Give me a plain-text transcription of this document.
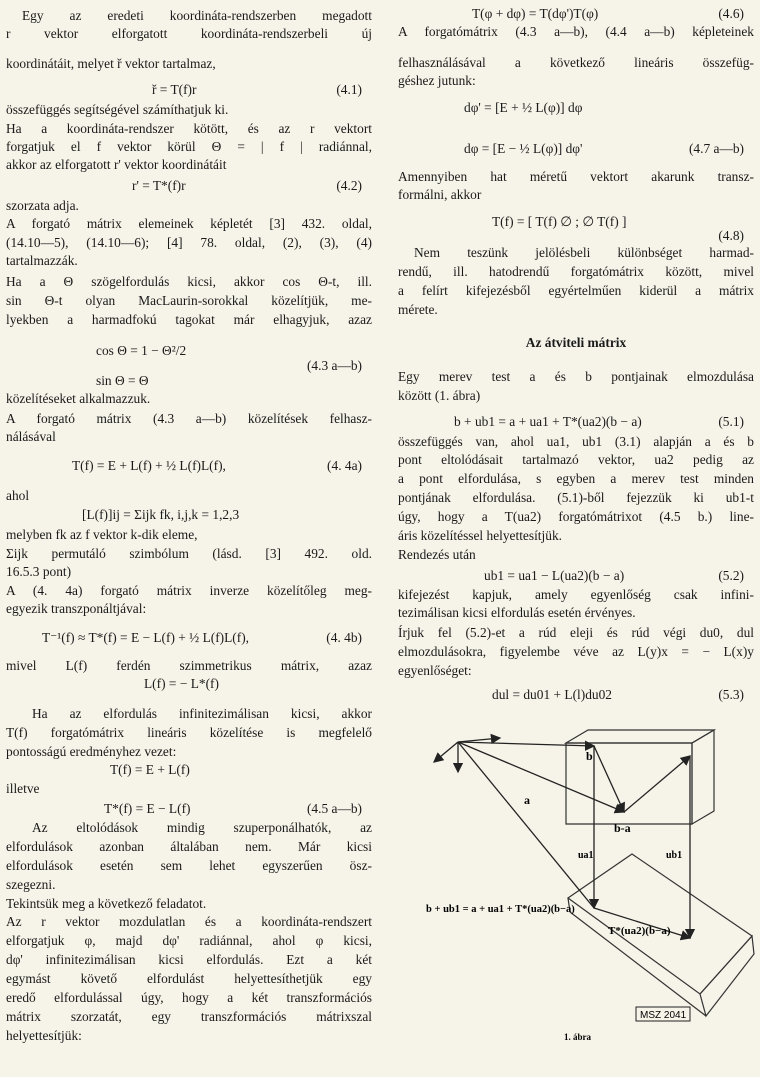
Egy az eredeti koordináta-rendszerben megadott
r vektor elforgatott koordináta-rendszerbeli új
koordinátáit, melyet ř vektor tartalmaz,
ř = T(f)r
összefüggés segítségével számíthatjuk ki.
Ha a koordináta-rendszer kötött, és az r vektort
forgatjuk el f vektor körül Θ = | f | radiánnal,
akkor az elforgatott r' vektor koordinátáit
r' = T*(f)r
szorzata adja.
A forgató mátrix elemeinek képletét [3] 432. oldal,
(14.10—5), (14.10—6); [4] 78. oldal, (2), (3), (4)
tartalmazzák.
Ha a Θ szögelfordulás kicsi, akkor cos Θ-t, ill.
sin Θ-t olyan MacLaurin-sorokkal közelítjük, me-
lyekben a harmadfokú tagokat már elhagyjuk, azaz
cos Θ = 1 − Θ²/2
sin Θ = Θ
közelítéseket alkalmazzuk.
A forgató mátrix (4.3 a—b) közelítések felhasz-
nálásával
T(f) = E + L(f) + ½ L(f)L(f),
ahol
[L(f)]ij = Σijk fk, i,j,k = 1,2,3
melyben fk az f vektor k-dik eleme,
Σijk permutáló szimbólum (lásd. [3] 492. old.
16.5.3 pont)
A (4. 4a) forgató mátrix inverze közelítőleg meg-
egyezik transzponáltjával:
T⁻¹(f) ≈ T*(f) = E − L(f) + ½ L(f)L(f),
mivel L(f) ferdén szimmetrikus mátrix, azaz
L(f) = − L*(f)
Ha az elfordulás infinitezimálisan kicsi, akkor
T(f) forgatómátrix lineáris közelítése is megfelelő
pontosságú eredményhez vezet:
T(f) = E + L(f)
illetve
T*(f) = E − L(f)
Az eltolódások mindig szuperponálhatók, az
elfordulások azonban általában nem. Már kicsi
elfordulások esetén sem lehet egyszerűen ösz-
szegezni.
Tekintsük meg a következő feladatot.
Az r vektor mozdulatlan és a koordináta-rendszert
elforgatjuk φ, majd dφ' radiánnal, ahol φ kicsi,
dφ' infinitezimálisan kicsi elfordulás. Ezt a két
egymást követő elfordulást helyettesíthetjük egy
eredő elfordulással úgy, hogy a két transzformációs
mátrix szorzatát, egy transzformációs mátrixszal
helyettesítjük:
(4.1)
(4.2)
(4.3 a—b)
(4. 4a)
(4. 4b)
(4.5 a—b)
T(φ + dφ) = T(dφ')T(φ)
A forgatómátrix (4.3 a—b), (4.4 a—b) képleteinek
felhasználásával a következő lineáris összefüg-
géshez jutunk:
dφ' = [E + ½ L(φ)] dφ
dφ = [E − ½ L(φ)] dφ'
Amennyiben hat méretű vektort akarunk transz-
formálni, akkor
T(f) = [ T(f) ∅ ; ∅ T(f) ]
Nem teszünk jelölésbeli különbséget harmad-
rendű, ill. hatodrendű forgatómátrix között, mivel
a felírt kifejezésből egyértelműen kiderül a mátrix
mérete.
Egy merev test a és b pontjainak elmozdulása
között (1. ábra)
b + ub1 = a + ua1 + T*(ua2)(b − a)
összefüggés van, ahol ua1, ub1 (3.1) alapján a és b
pont eltolódásait tartalmazó vektor, ua2 pedig az
a pont elfordulása, s egyben a merev test minden
pontjának elfordulása. (5.1)-ből fejezzük ki ub1-t
úgy, hogy a T(ua2) forgatómátrixot (4.5 b.) line-
áris közelítéssel helyettesítjük.
Rendezés után
ub1 = ua1 − L(ua2)(b − a)
kifejezést kapjuk, amely egyenlőség csak infini-
tezimálisan kicsi elfordulás esetén érvényes.
Írjuk fel (5.2)-et a rúd eleji és rúd végi du0, dul
elmozdulásokra, figyelembe véve az L(y)x = − L(x)y
egyenlőséget:
dul = du01 + L(l)du02
(4.6)
(4.7 a—b)
(4.8)
(5.1)
(5.2)
(5.3)
Az átviteli mátrix
a
b
b-a
ua1	ub1
b + ub1 = a + ua1 + T*(ua2)(b−a)
T*(ua2)(b−a)
MSZ 2041
1. ábra
